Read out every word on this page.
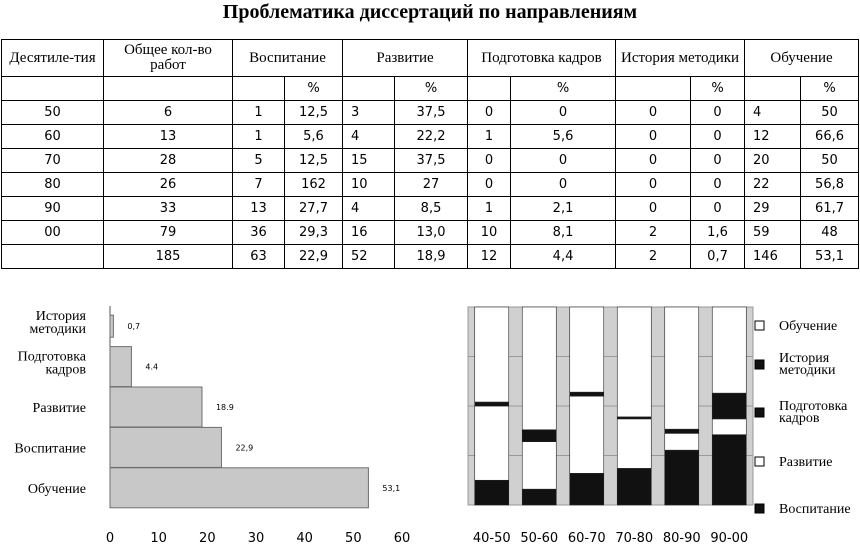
Проблематика диссертаций по направлениям
Десятиле-тия	Общее кол-во работ	Воспитание		Развитие		Подготовка кадров		История методики		Обучение	
			%		%		%		%		%
50	6	1	12,5	3	37,5	0	0	0	0	4	50
60	13	1	5,6	4	22,2	1	5,6	0	0	12	66,6
70	28	5	12,5	15	37,5	0	0	0	0	20	50
80	26	7	162	10	27	0	0	0	0	22	56,8
90	33	13	27,7	4	8,5	1	2,1	0	0	29	61,7
00	79	36	29,3	16	13,0	10	8,1	2	1,6	59	48
	185	63	22,9	52	18,9	12	4,4	2	0,7	146	53,1
История методики	0,7
Подготовка кадров	4.4
Развитие	18.9
Воспитание	22,9
Обучение	53,1
0	10 20 30 40 50 60	40-50 50-60 60-70 70-80 80-90 90-00
Обучение
История методики
Подготовка кадров
Развитие
Воспитание
